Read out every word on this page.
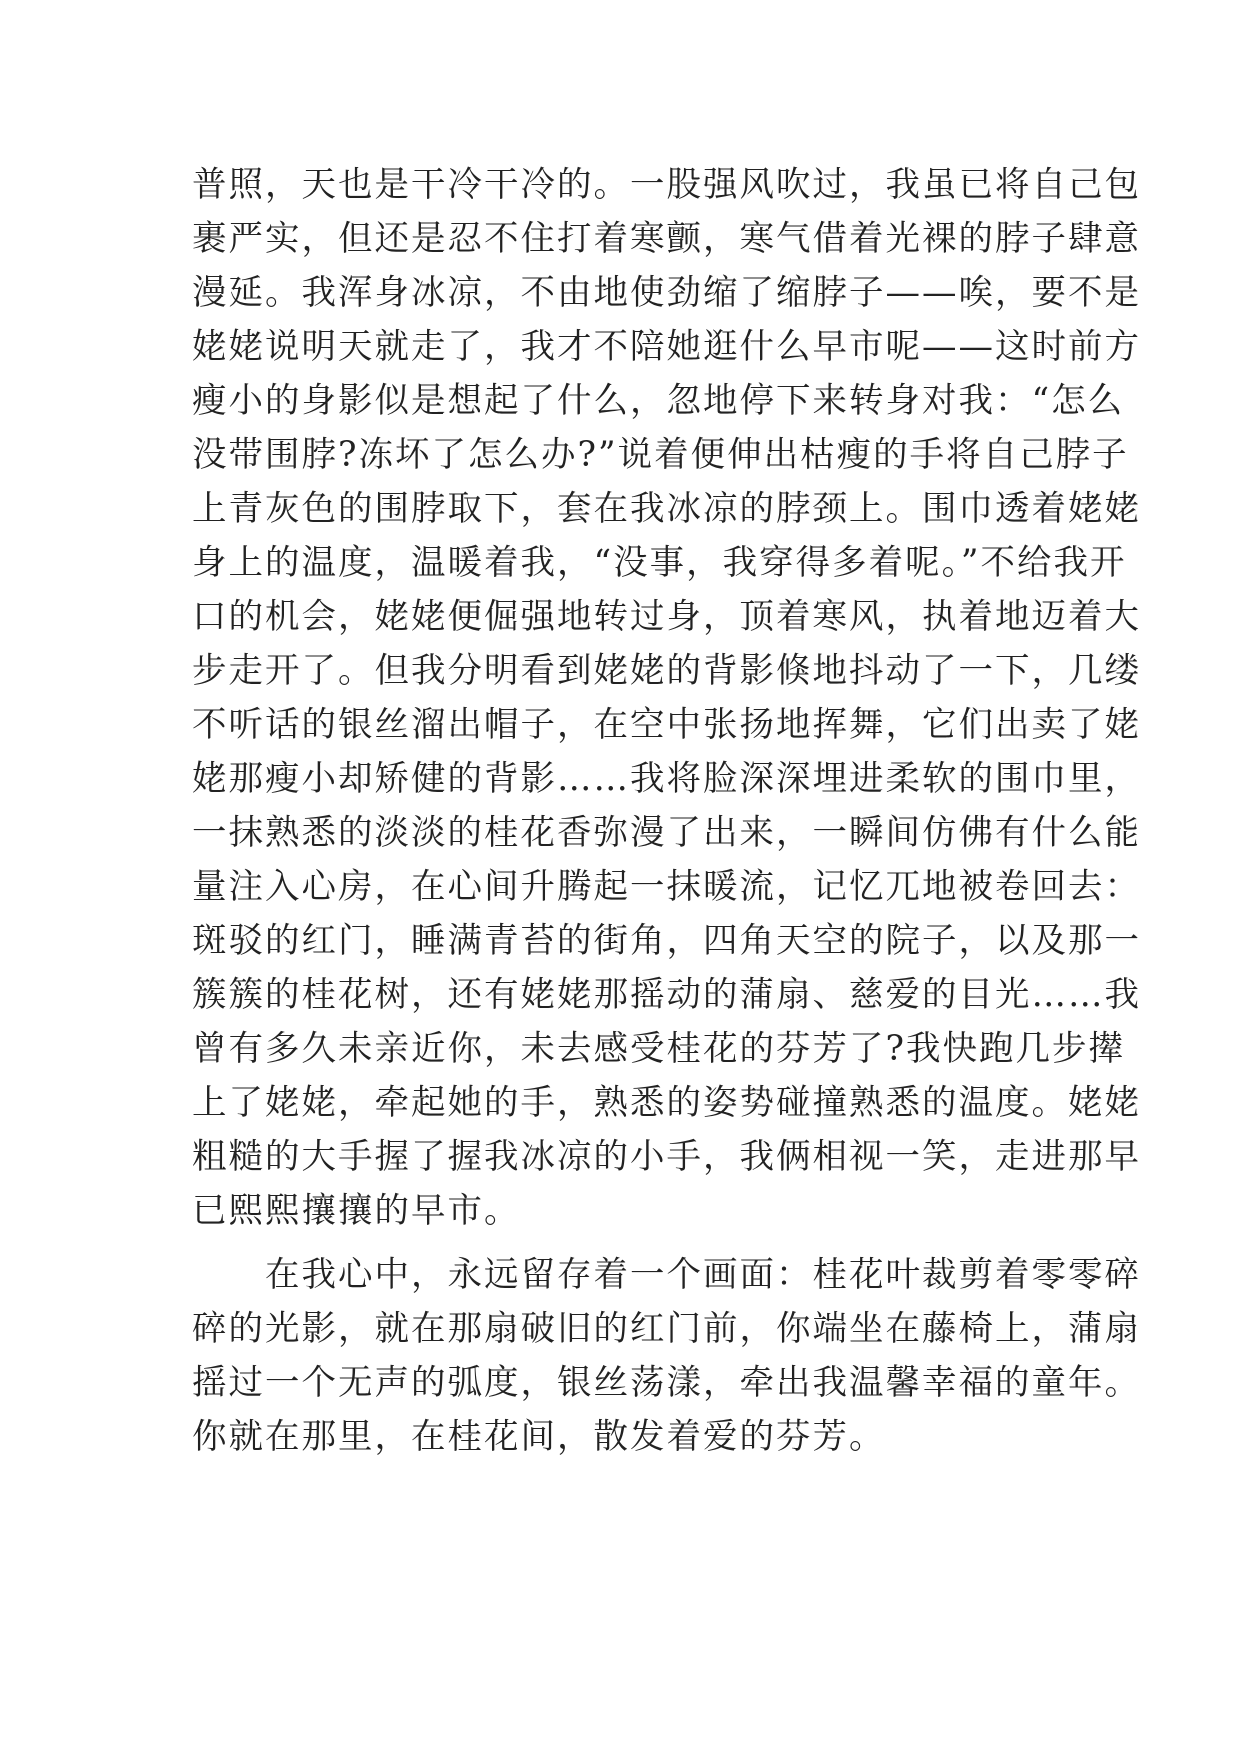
普照，天也是干冷干冷的。一股强风吹过，我虽已将自己包
裹严实，但还是忍不住打着寒颤，寒气借着光裸的脖子肆意
漫延。我浑身冰凉，不由地使劲缩了缩脖子——唉，要不是
姥姥说明天就走了，我才不陪她逛什么早市呢——这时前方
瘦小的身影似是想起了什么，忽地停下来转身对我：“怎么
没带围脖?冻坏了怎么办?”说着便伸出枯瘦的手将自己脖子
上青灰色的围脖取下，套在我冰凉的脖颈上。围巾透着姥姥
身上的温度，温暖着我，“没事，我穿得多着呢。”不给我开
口的机会，姥姥便倔强地转过身，顶着寒风，执着地迈着大
步走开了。但我分明看到姥姥的背影倏地抖动了一下，几缕
不听话的银丝溜出帽子，在空中张扬地挥舞，它们出卖了姥
姥那瘦小却矫健的背影……我将脸深深埋进柔软的围巾里，
一抹熟悉的淡淡的桂花香弥漫了出来，一瞬间仿佛有什么能
量注入心房，在心间升腾起一抹暖流，记忆兀地被卷回去：
斑驳的红门，睡满青苔的街角，四角天空的院子，以及那一
簇簇的桂花树，还有姥姥那摇动的蒲扇、慈爱的目光……我
曾有多久未亲近你，未去感受桂花的芬芳了?我快跑几步撵
上了姥姥，牵起她的手，熟悉的姿势碰撞熟悉的温度。姥姥
粗糙的大手握了握我冰凉的小手，我俩相视一笑，走进那早
已熙熙攘攘的早市。
　　在我心中，永远留存着一个画面：桂花叶裁剪着零零碎
碎的光影，就在那扇破旧的红门前，你端坐在藤椅上，蒲扇
摇过一个无声的弧度，银丝荡漾，牵出我温馨幸福的童年。
你就在那里，在桂花间，散发着爱的芬芳。
